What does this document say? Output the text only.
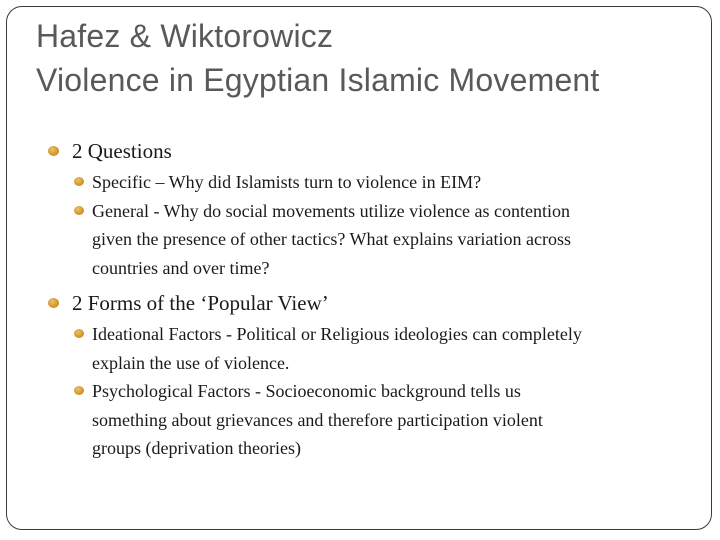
Hafez & Wiktorowicz
Violence in Egyptian Islamic Movement
2 Questions
Specific – Why did Islamists turn to violence in EIM?
General - Why do social movements utilize violence as contention
given the presence of other tactics? What explains variation across
countries and over time?
2 Forms of the ‘Popular View’
Ideational Factors - Political or Religious ideologies can completely
explain the use of violence.
Psychological Factors - Socioeconomic background tells us
something about grievances and therefore participation violent
groups (deprivation theories)
